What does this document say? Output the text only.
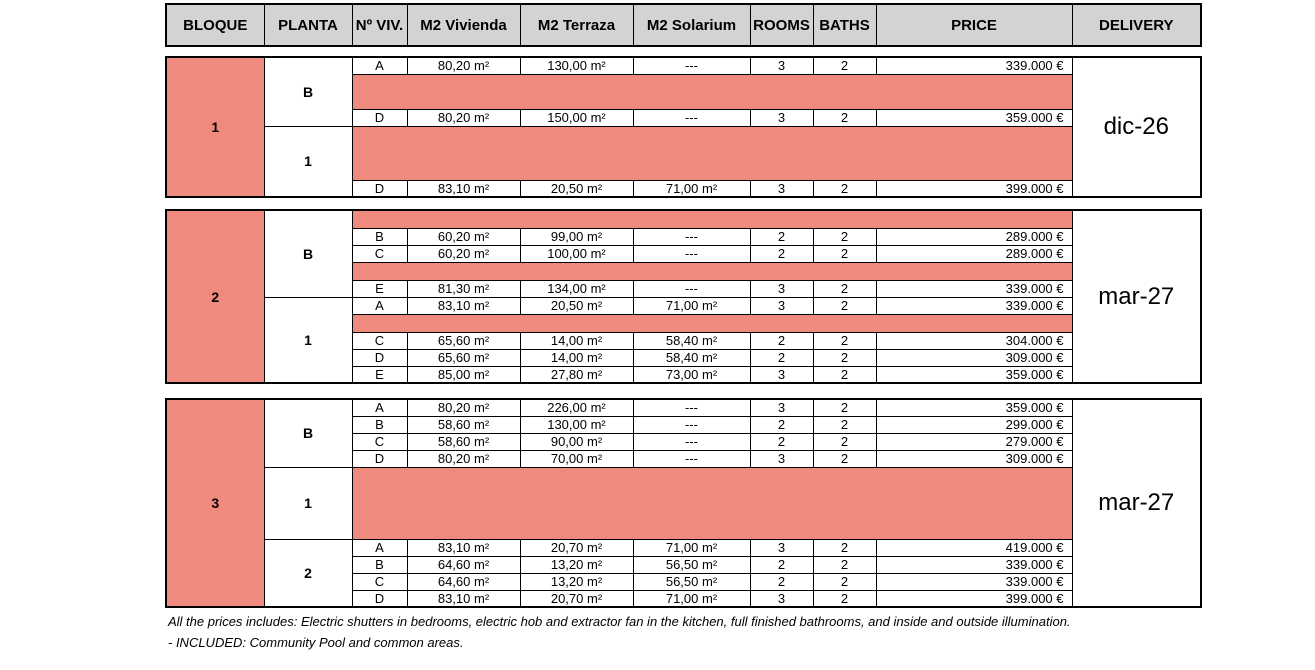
BLOQUE	PLANTA	Nº VIV.	M2 Vivienda	M2 Terraza	M2 Solarium	ROOMS	BATHS	PRICE	DELIVERY
1	B	A	80,20 m²	130,00 m²	---	3	2	339.000 €	dic-26

		D	80,20 m²	150,00 m²	---	3	2	359.000 €	
	1								
		D	83,10 m²	20,50 m²	71,00 m²	3	2	399.000 €	
2	B								mar-27
		B	60,20 m²	99,00 m²	---	2	2	289.000 €	
		C	60,20 m²	100,00 m²	---	2	2	289.000 €	

		E	81,30 m²	134,00 m²	---	3	2	339.000 €	
	1	A	83,10 m²	20,50 m²	71,00 m²	3	2	339.000 €	

		C	65,60 m²	14,00 m²	58,40 m²	2	2	304.000 €	
		D	65,60 m²	14,00 m²	58,40 m²	2	2	309.000 €	
		E	85,00 m²	27,80 m²	73,00 m²	3	2	359.000 €	
3	B	A	80,20 m²	226,00 m²	---	3	2	359.000 €	mar-27
		B	58,60 m²	130,00 m²	---	2	2	299.000 €	
		C	58,60 m²	90,00 m²	---	2	2	279.000 €	
		D	80,20 m²	70,00 m²	---	3	2	309.000 €	
	1								
	2	A	83,10 m²	20,70 m²	71,00 m²	3	2	419.000 €	
		B	64,60 m²	13,20 m²	56,50 m²	2	2	339.000 €	
		C	64,60 m²	13,20 m²	56,50 m²	2	2	339.000 €	
		D	83,10 m²	20,70 m²	71,00 m²	3	2	399.000 €	

All the prices includes: Electric shutters in bedrooms, electric hob and extractor fan in the kitchen, full finished bathrooms, and inside and outside illumination.

- INCLUDED: Community Pool and common areas.
